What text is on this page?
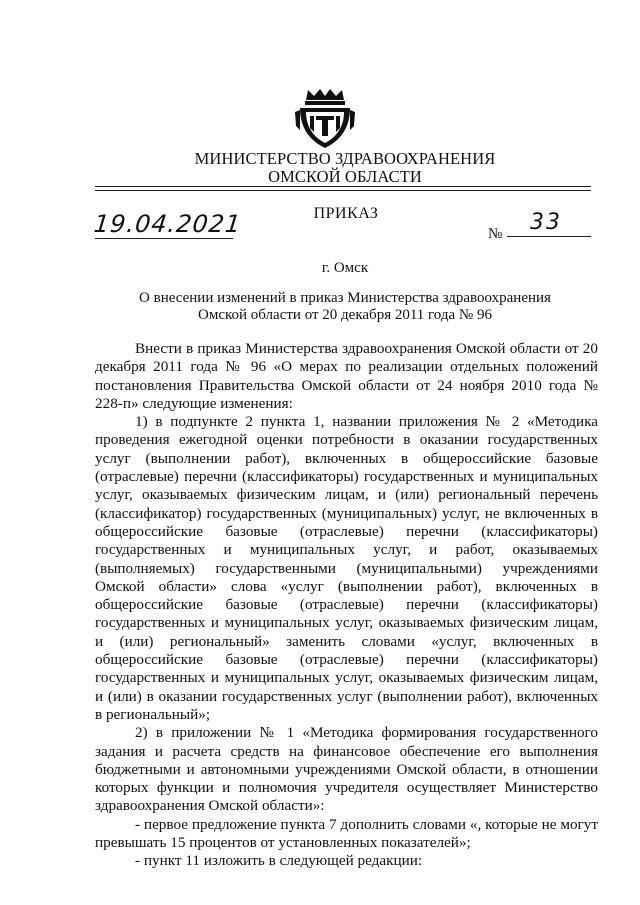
МИНИСТЕРСТВО ЗДРАВООХРАНЕНИЯ
ОМСКОЙ ОБЛАСТИ
ПРИКАЗ
19.04.2021	№ 33
г. Омск
О внесении изменений в приказ Министерства здравоохранения
Омской области от 20 декабря 2011 года № 96

Внести в приказ Министерства здравоохранения Омской области от 20 декабря 2011 года № 96 «О мерах по реализации отдельных положений постановления Правительства Омской области от 24 ноября 2010 года № 228-п» следующие изменения:

1) в подпункте 2 пункта 1, названии приложения № 2 «Методика проведения ежегодной оценки потребности в оказании государственных услуг (выполнении работ), включенных в общероссийские базовые (отраслевые) перечни (классификаторы) государственных и муниципальных услуг, оказываемых физическим лицам, и (или) региональный перечень (классификатор) государственных (муниципальных) услуг, не включенных в общероссийские базовые (отраслевые) перечни (классификаторы) государственных и муниципальных услуг, и работ, оказываемых (выполняемых) государственными (муниципальными) учреждениями Омской области» слова «услуг (выполнении работ), включенных в общероссийские базовые (отраслевые) перечни (классификаторы) государственных и муниципальных услуг, оказываемых физическим лицам, и (или) региональный» заменить словами «услуг, включенных в общероссийские базовые (отраслевые) перечни (классификаторы) государственных и муниципальных услуг, оказываемых физическим лицам, и (или) в оказании государственных услуг (выполнении работ), включенных в региональный»;

2) в приложении № 1 «Методика формирования государственного задания и расчета средств на финансовое обеспечение его выполнения бюджетными и автономными учреждениями Омской области, в отношении которых функции и полномочия учредителя осуществляет Министерство здравоохранения Омской области»:

- первое предложение пункта 7 дополнить словами «, которые не могут превышать 15 процентов от установленных показателей»;

- пункт 11 изложить в следующей редакции:
